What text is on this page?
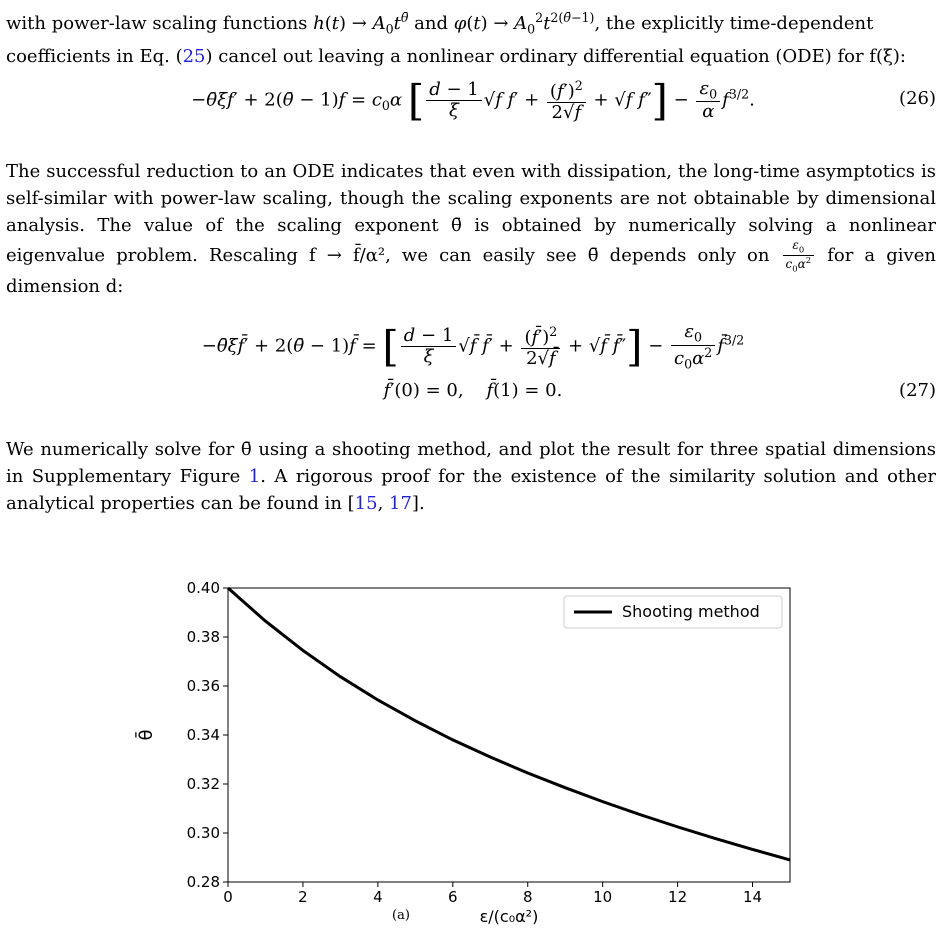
with power-law scaling functions $h(t) \to A_0t^{\thetā}$ and $\varphi(t) \to A_0^2t^{2(\thetā-1)}$, the explicitly time-dependent

coefficients in Eq. (25) cancel out leaving a nonlinear ordinary differential equation (ODE) for f(ξ):

−θ̄ξf′ + 2(θ̄ − $1)f = c_0\alpha$ [ $\frac{d - 1}{\xi} √f$ $f' + \frac{(f')^2}{2√f} + √f$ $f''] - \frac{\varepsilon_0}{\alpha} f^{3/2}$.	(26)

The successful reduction to an ODE indicates that even with dissipation, the long-time asymptotics is self-similar with power-law scaling, though the scaling exponents are not obtainable by dimensional analysis. The value of the scaling exponent θ̄ is obtained by numerically solving a nonlinear eigenvalue problem. Rescaling f → f̄/α², we can easily see θ̄ depends only on $\frac{\varepsilon_0}{c_0\alpha^2}$ for a given dimension d:

−θ̄ξf̄′ + 2(θ̄ − 1)f̄ = [ $\frac{d - 1}{\xi}$ √f̄ f̄′ + $\frac{(f̄')^2}{2√f̄}$ + √f̄ f̄″] − $\frac{\varepsilon_0}{c_0\alpha^2}$ f̄$^{3/2}$
f̄′(0) = 0,    f̄(1) = 0.	(27)

We numerically solve for θ̄ using a shooting method, and plot the result for three spatial dimensions in Supplementary Figure 1. A rigorous proof for the existence of the similarity solution and other analytical properties can be found in [15, 17].

0	2	4	6	8	10	12	14
0.28
0.30
0.32
0.34
0.36
0.38
0.40
Shooting method
ε/(c₀α²)
θ̄
(a)
